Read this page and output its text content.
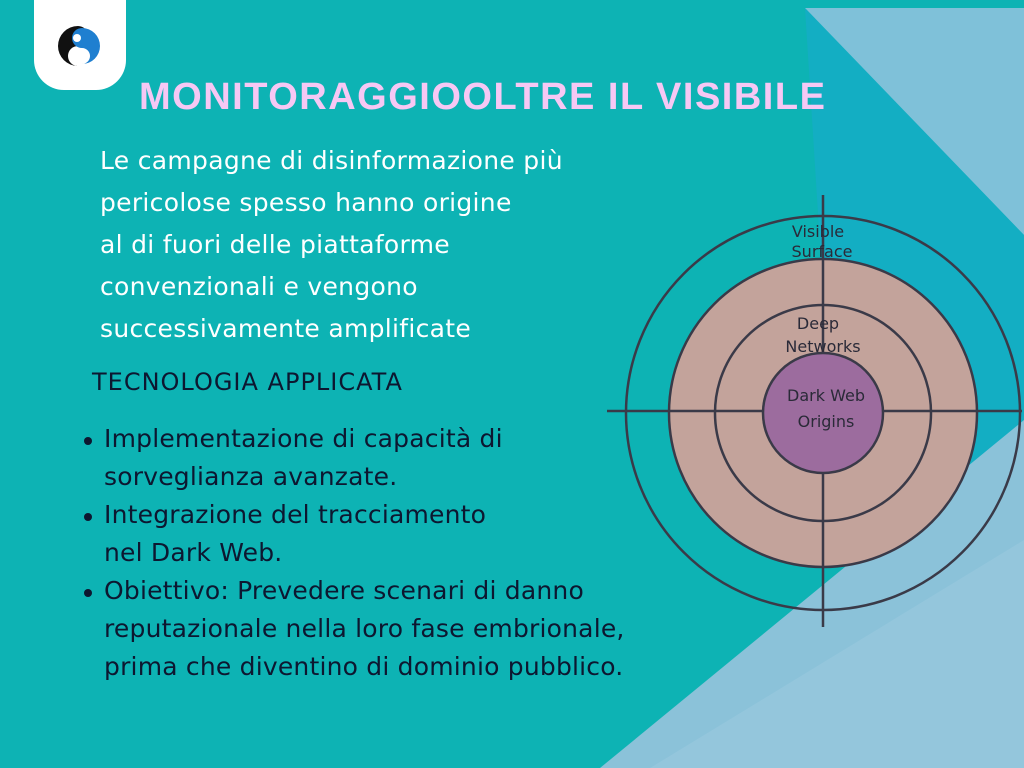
MONITORAGGIOOLTRE IL VISIBILE

Le campagne di disinformazione più
pericolose spesso hanno origine
al di fuori delle piattaforme
convenzionali e vengono
successivamente amplificate

TECNOLOGIA APPLICATA
Implementazione di capacità di
sorveglianza avanzate.
Integrazione del tracciamento
nel Dark Web.
Obiettivo: Prevedere scenari di danno
reputazionale nella loro fase embrionale,
prima che diventino di dominio pubblico.
Visible
Surface
Deep
Networks
Dark Web
Origins
